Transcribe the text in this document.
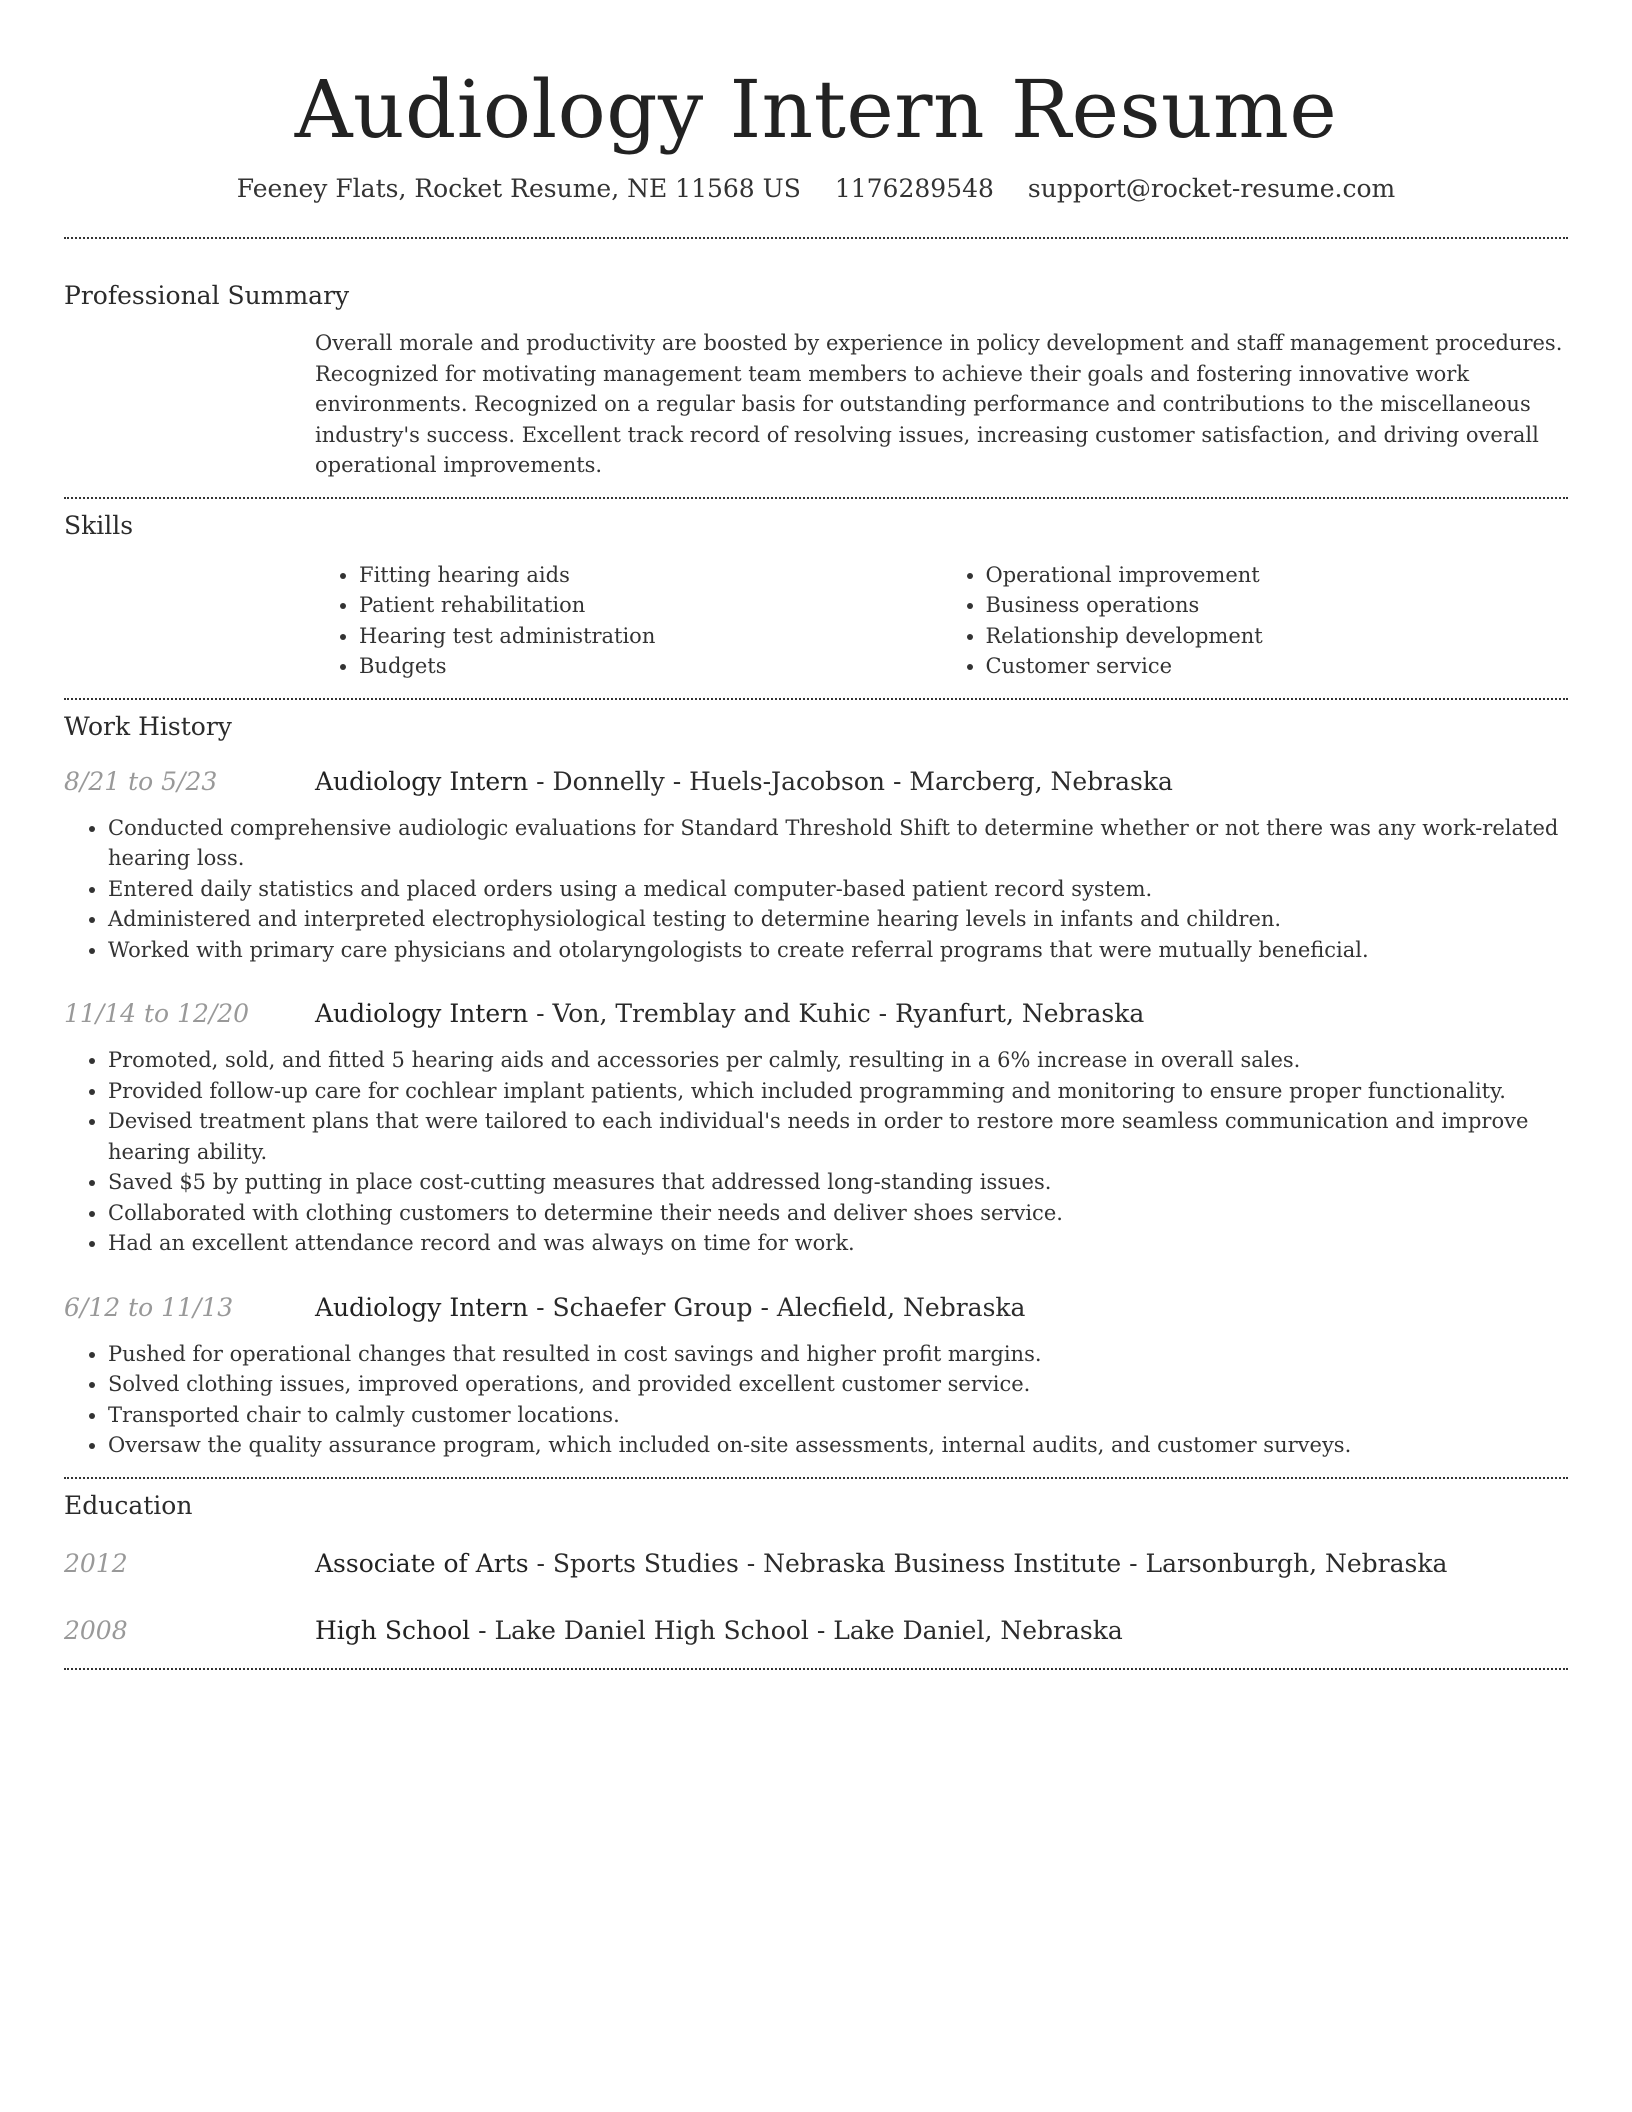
Audiology Intern Resume
Feeney Flats, Rocket Resume, NE 11568 US 1176289548 support@rocket-resume.com
Professional Summary
Overall morale and productivity are boosted by experience in policy development and staff management procedures. Recognized for motivating management team members to achieve their goals and fostering innovative work environments. Recognized on a regular basis for outstanding performance and contributions to the miscellaneous industry's success. Excellent track record of resolving issues, increasing customer satisfaction, and driving overall operational improvements.
Skills
• Fitting hearing aids
• Patient rehabilitation
• Hearing test administration
• Budgets
• Operational improvement
• Business operations
• Relationship development
• Customer service
Work History
8/21 to 5/23	Audiology Intern - Donnelly - Huels-Jacobson - Marcberg, Nebraska
• Conducted comprehensive audiologic evaluations for Standard Threshold Shift to determine whether or not there was any work-related hearing loss.
• Entered daily statistics and placed orders using a medical computer-based patient record system.
• Administered and interpreted electrophysiological testing to determine hearing levels in infants and children.
• Worked with primary care physicians and otolaryngologists to create referral programs that were mutually beneficial.
11/14 to 12/20	Audiology Intern - Von, Tremblay and Kuhic - Ryanfurt, Nebraska
• Promoted, sold, and fitted 5 hearing aids and accessories per calmly, resulting in a 6% increase in overall sales.
• Provided follow-up care for cochlear implant patients, which included programming and monitoring to ensure proper functionality.
• Devised treatment plans that were tailored to each individual's needs in order to restore more seamless communication and improve hearing ability.
• Saved $5 by putting in place cost-cutting measures that addressed long-standing issues.
• Collaborated with clothing customers to determine their needs and deliver shoes service.
• Had an excellent attendance record and was always on time for work.
6/12 to 11/13	Audiology Intern - Schaefer Group - Alecfield, Nebraska
• Pushed for operational changes that resulted in cost savings and higher profit margins.
• Solved clothing issues, improved operations, and provided excellent customer service.
• Transported chair to calmly customer locations.
• Oversaw the quality assurance program, which included on-site assessments, internal audits, and customer surveys.
Education
2012	Associate of Arts - Sports Studies - Nebraska Business Institute - Larsonburgh, Nebraska
2008	High School - Lake Daniel High School - Lake Daniel, Nebraska
